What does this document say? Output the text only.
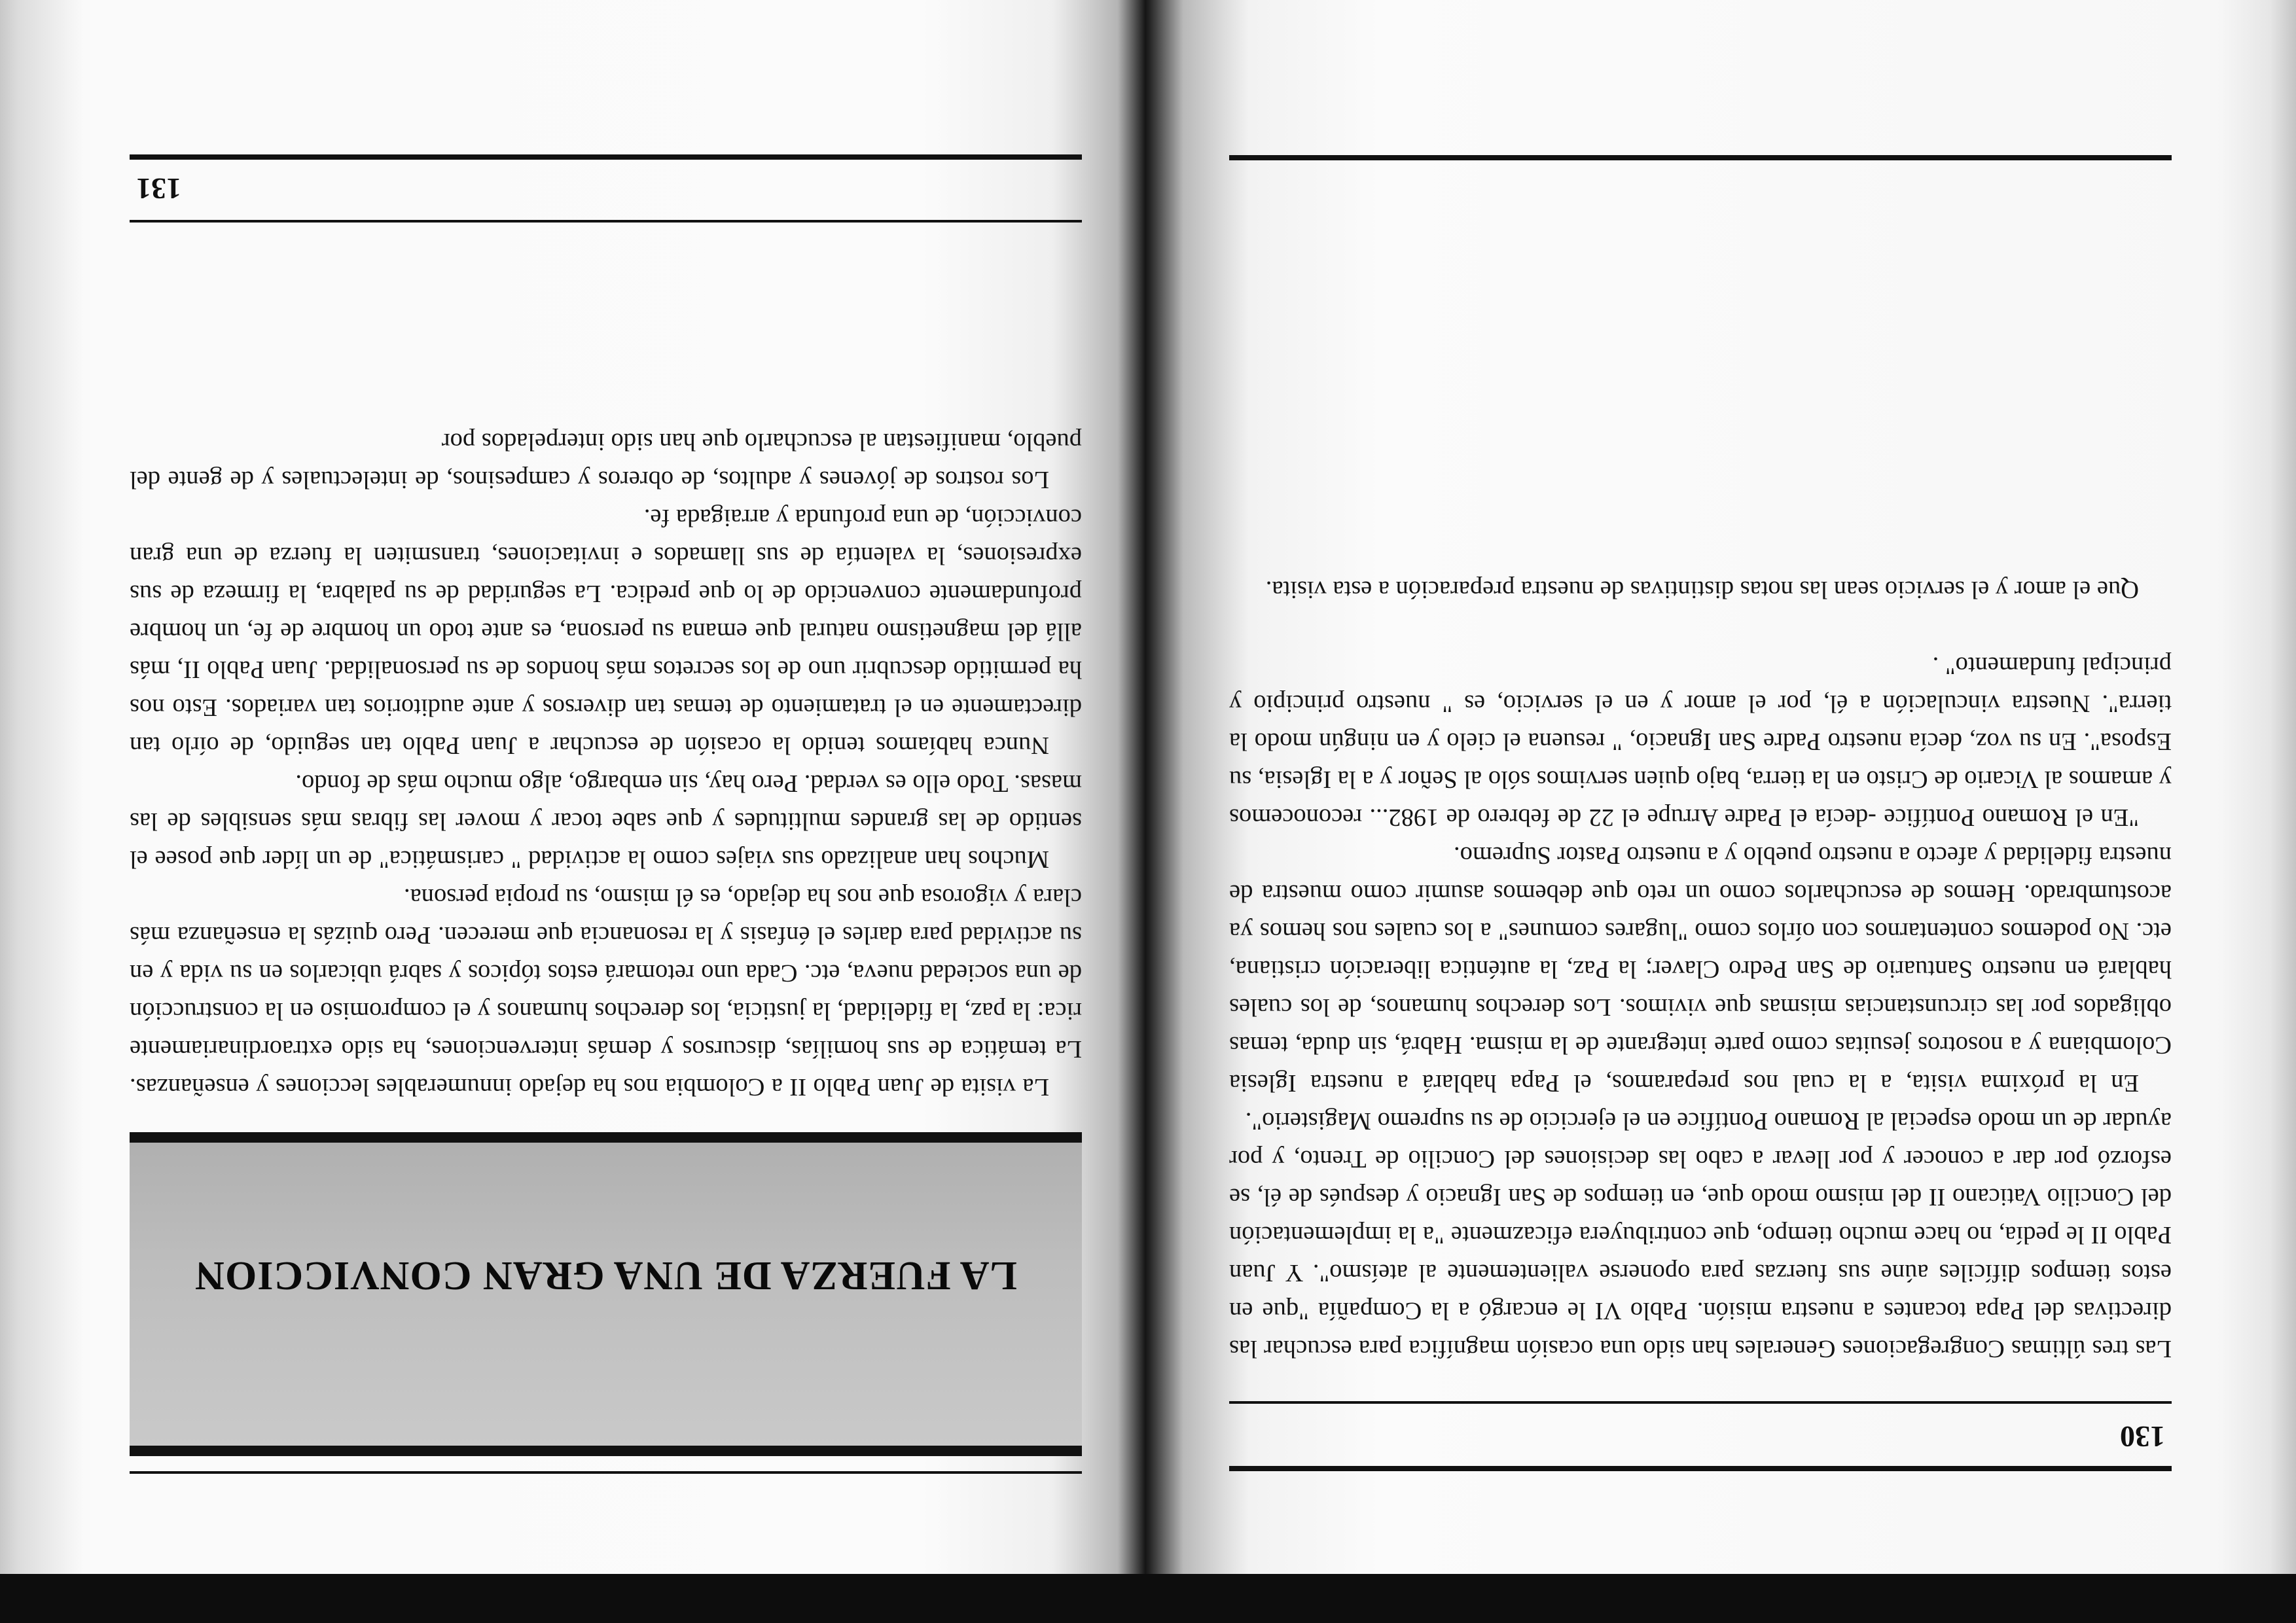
130

Las tres últimas Congregaciones Generales han sido una ocasión magnífica para escuchar las directivas del Papa tocantes a nuestra misión. Pablo VI le encargó a la Compañía "que en estos tiempos difíciles aúne sus fuerzas para oponerse valientemente al ateísmo". Y Juan Pablo II le pedía, no hace mucho tiempo, que contribuyera eficazmente "a la implementación del Concilio Vaticano II del mismo modo que, en tiempos de San Ignacio y después de él, se esforzó por dar a conocer y por llevar a cabo las decisiones del Concilio de Trento, y por ayudar de un modo especial al Romano Pontífice en el ejercicio de su supremo Magisterio".

En la próxima visita, a la cual nos preparamos, el Papa hablará a nuestra Iglesia Colombiana y a nosotros jesuitas como parte integrante de la misma. Habrá, sin duda, temas obligados por las circunstancias mismas que vivimos. Los derechos humanos, de los cuales hablará en nuestro Santuario de San Pedro Claver; la Paz, la auténtica liberación cristiana, etc. No podemos contentarnos con oírlos como "lugares comunes" a los cuales nos hemos ya acostumbrado. Hemos de escucharlos como un reto que debemos asumir como muestra de nuestra fidelidad y afecto a nuestro pueblo y a nuestro Pastor Supremo.

"En el Romano Pontífice -decía el Padre Arrupe el 22 de febrero de 1982... reconocemos y amamos al Vicario de Cristo en la tierra, bajo quien servimos sólo al Señor y a la Iglesia, su Esposa". En su voz, decía nuestro Padre San Ignacio, " resuena el cielo y en ningún modo la tierra". Nuestra vinculación a él, por el amor y en el servicio, es " nuestro principio y principal fundamento" .

Que el amor y el servicio sean las notas distintivas de nuestra preparación a esta visita.

LA FUERZA DE UNA GRAN CONVICCION

La visita de Juan Pablo II a Colombia nos ha dejado innumerables lecciones y enseñanzas. La temática de sus homilías, discursos y demás intervenciones, ha sido extraordinariamente rica: la paz, la fidelidad, la justicia, los derechos humanos y el compromiso en la construcción de una sociedad nueva, etc. Cada uno retomará estos tópicos y sabrá ubicarlos en su vida y en su actividad para darles el énfasis y la resonancia que merecen. Pero quizás la enseñanza más clara y vigorosa que nos ha dejado, es él mismo, su propia persona.

Muchos han analizado sus viajes como la actividad " carismática" de un líder que posee el sentido de las grandes multitudes y que sabe tocar y mover las fibras más sensibles de las masas. Todo ello es verdad. Pero hay, sin embargo, algo mucho más de fondo.

Nunca habíamos tenido la ocasión de escuchar a Juan Pablo tan seguido, de oírlo tan directamente en el tratamiento de temas tan diversos y ante auditorios tan variados. Esto nos ha permitido descubrir uno de los secretos más hondos de su personalidad. Juan Pablo II, más allá del magnetismo natural que emana su persona, es ante todo un hombre de fe, un hombre profundamente convencido de lo que predica. La seguridad de su palabra, la firmeza de sus expresiones, la valentía de sus llamados e invitaciones, transmiten la fuerza de una gran convicción, de una profunda y arraigada fe.

Los rostros de jóvenes y adultos, de obreros y campesinos, de intelectuales y de gente del pueblo, manifiestan al escucharlo que han sido interpelados por

131
